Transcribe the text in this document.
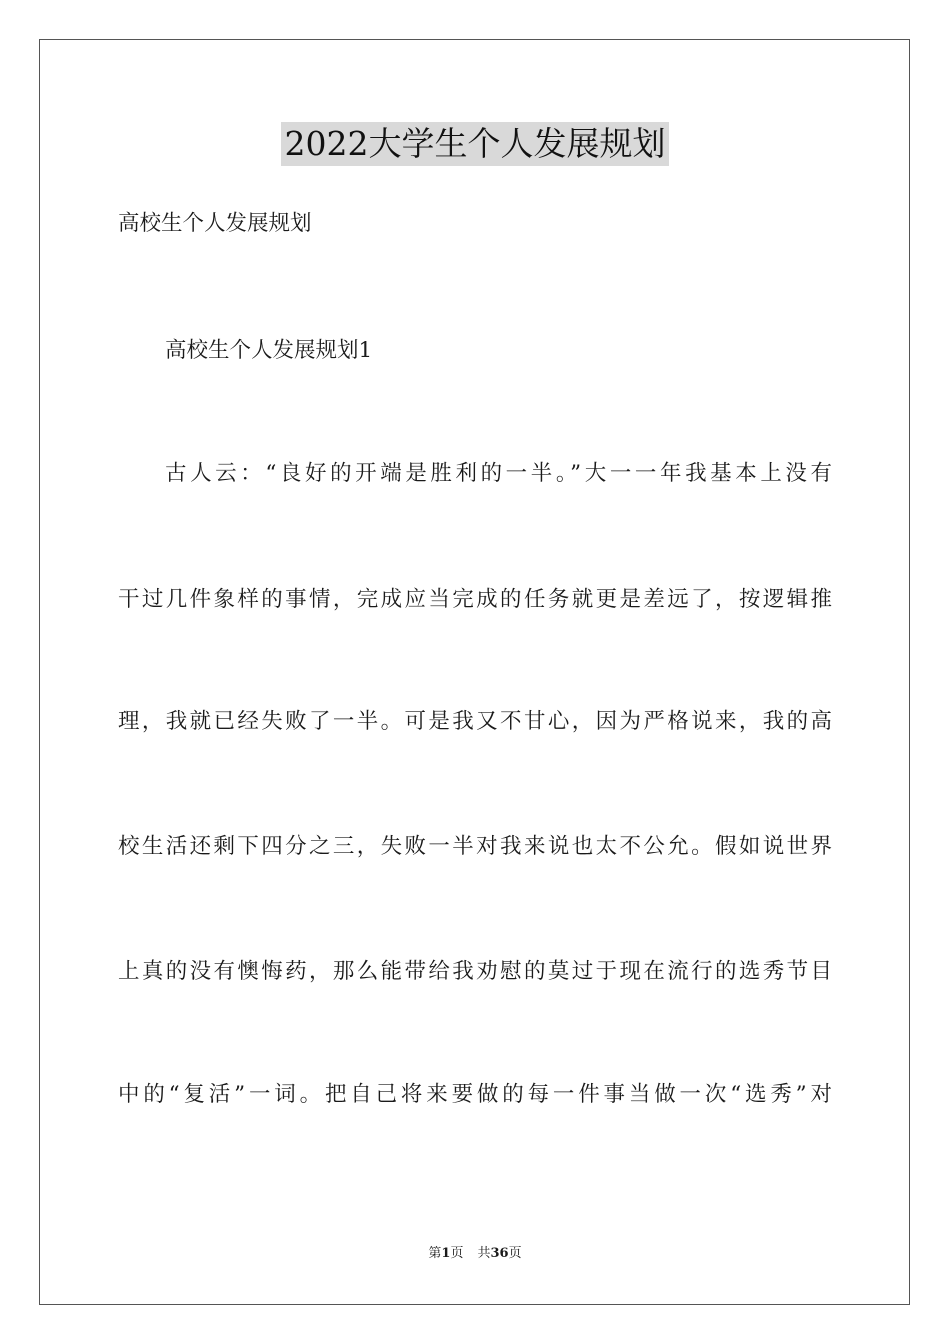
2022大学生个人发展规划

高校生个人发展规划

高校生个人发展规划1

古人云：“良好的开端是胜利的一半。”大一一年我基本上没有

干过几件象样的事情，完成应当完成的任务就更是差远了，按逻辑推

理，我就已经失败了一半。可是我又不甘心，因为严格说来，我的高

校生活还剩下四分之三，失败一半对我来说也太不公允。假如说世界

上真的没有懊悔药，那么能带给我劝慰的莫过于现在流行的选秀节目

中的“复活”一词。把自己将来要做的每一件事当做一次“选秀”对

第1页 共36页
